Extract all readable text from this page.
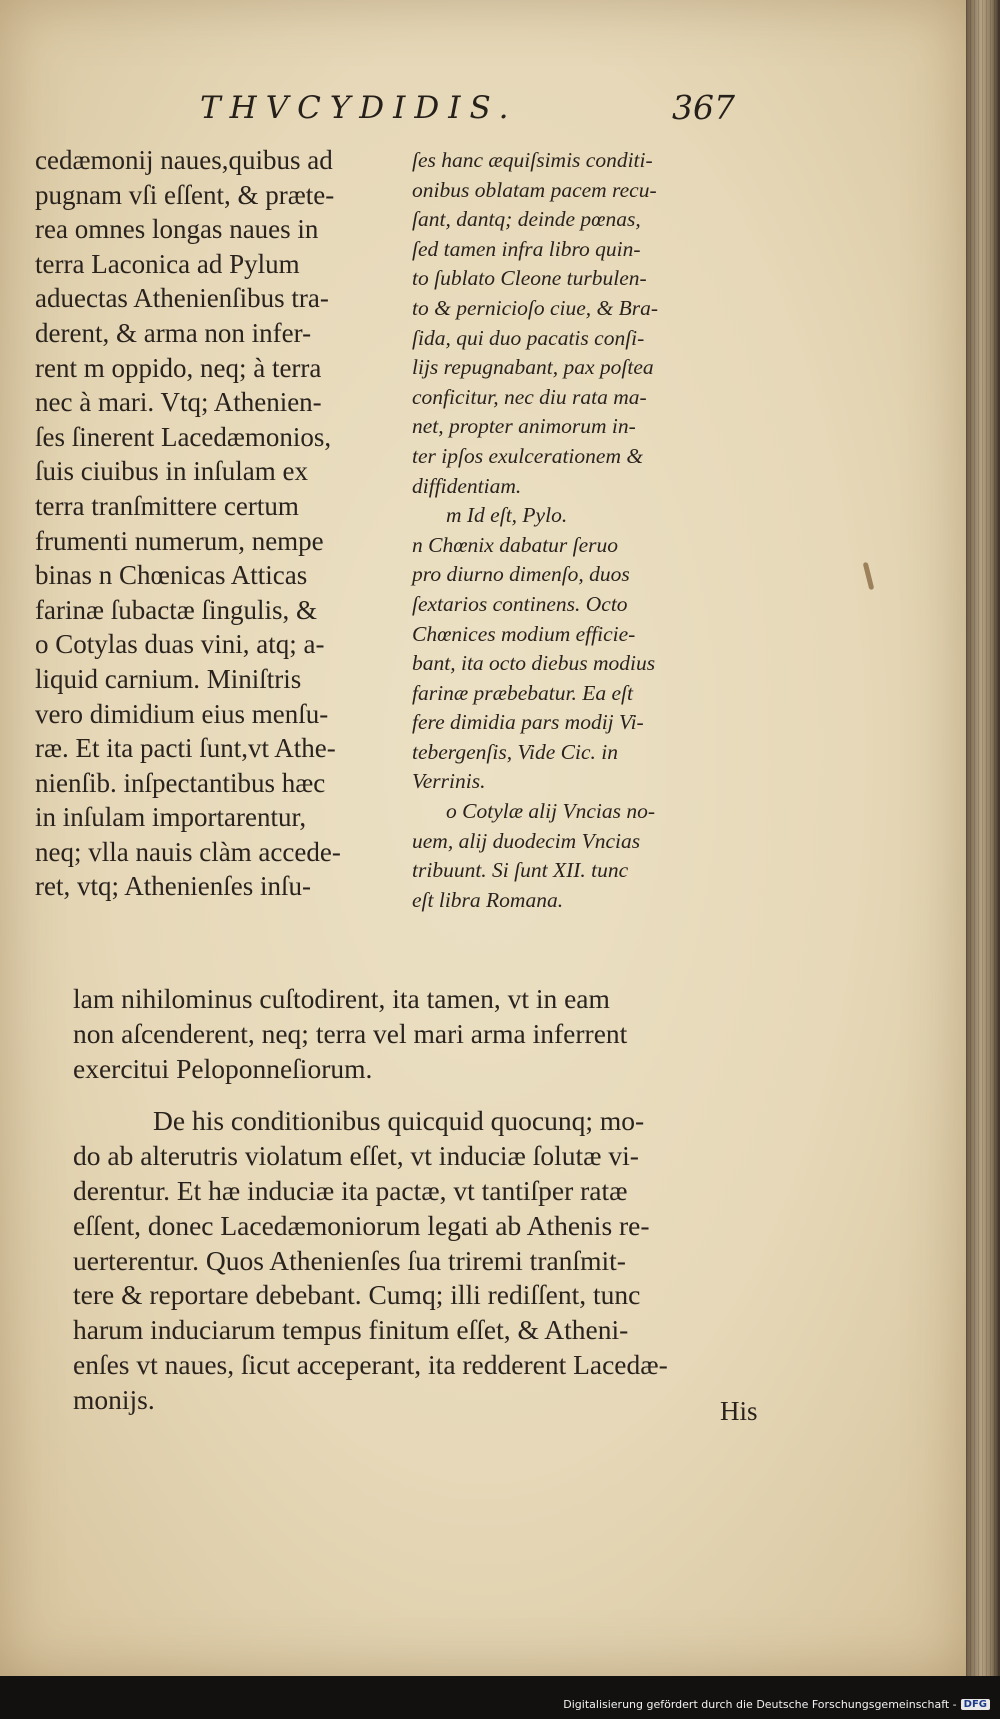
THVCYDIDIS.	367
cedæmonij naues,quibus ad
pugnam vſi eſſent, & præte-
rea omnes longas naues in
terra Laconica ad Pylum
aduectas Athenienſibus tra-
derent, & arma non infer-
rent m oppido, neq; à terra
nec à mari. Vtq; Athenien-
ſes ſinerent Lacedæmonios,
ſuis ciuibus in inſulam ex
terra tranſmittere certum
frumenti numerum, nempe
binas n Chœnicas Atticas
farinæ ſubactæ ſingulis, &
o Cotylas duas vini, atq; a-
liquid carnium. Miniſtris
vero dimidium eius menſu-
ræ. Et ita pacti ſunt,vt Athe-
nienſib. inſpectantibus hæc
in inſulam importarentur,
neq; vlla nauis clàm accede-
ret, vtq; Athenienſes inſu-
ſes hanc æquiſsimis conditi-
onibus oblatam pacem recu-
ſant, dantq; deinde pœnas,
ſed tamen infra libro quin-
to ſublato Cleone turbulen-
to & pernicioſo ciue, & Bra-
ſida, qui duo pacatis conſi-
lijs repugnabant, pax poſtea
conficitur, nec diu rata ma-
net, propter animorum in-
ter ipſos exulcerationem &
diffidentiam.
m Id eſt, Pylo.
n Chœnix dabatur ſeruo
pro diurno dimenſo, duos
ſextarios continens. Octo
Chœnices modium efficie-
bant, ita octo diebus modius
farinæ præbebatur. Ea eſt
fere dimidia pars modij Vi-
tebergenſis, Vide Cic. in
Verrinis.
o Cotylæ alij Vncias no-
uem, alij duodecim Vncias
tribuunt. Si ſunt XII. tunc
eſt libra Romana.
lam nihilominus cuſtodirent, ita tamen, vt in eam
non aſcenderent, neq; terra vel mari arma inferrent
exercitui Peloponneſiorum.
De his conditionibus quicquid quocunq; mo-
do ab alterutris violatum eſſet, vt induciæ ſolutæ vi-
derentur. Et hæ induciæ ita pactæ, vt tantiſper ratæ
eſſent, donec Lacedæmoniorum legati ab Athenis re-
uerterentur. Quos Athenienſes ſua triremi tranſmit-
tere & reportare debebant. Cumq; illi rediſſent, tunc
harum induciarum tempus finitum eſſet, & Atheni-
enſes vt naues, ſicut acceperant, ita redderent Lacedæ-
monijs.	His
Digitalisierung gefördert durch die Deutsche Forschungsgemeinschaft - DFG
